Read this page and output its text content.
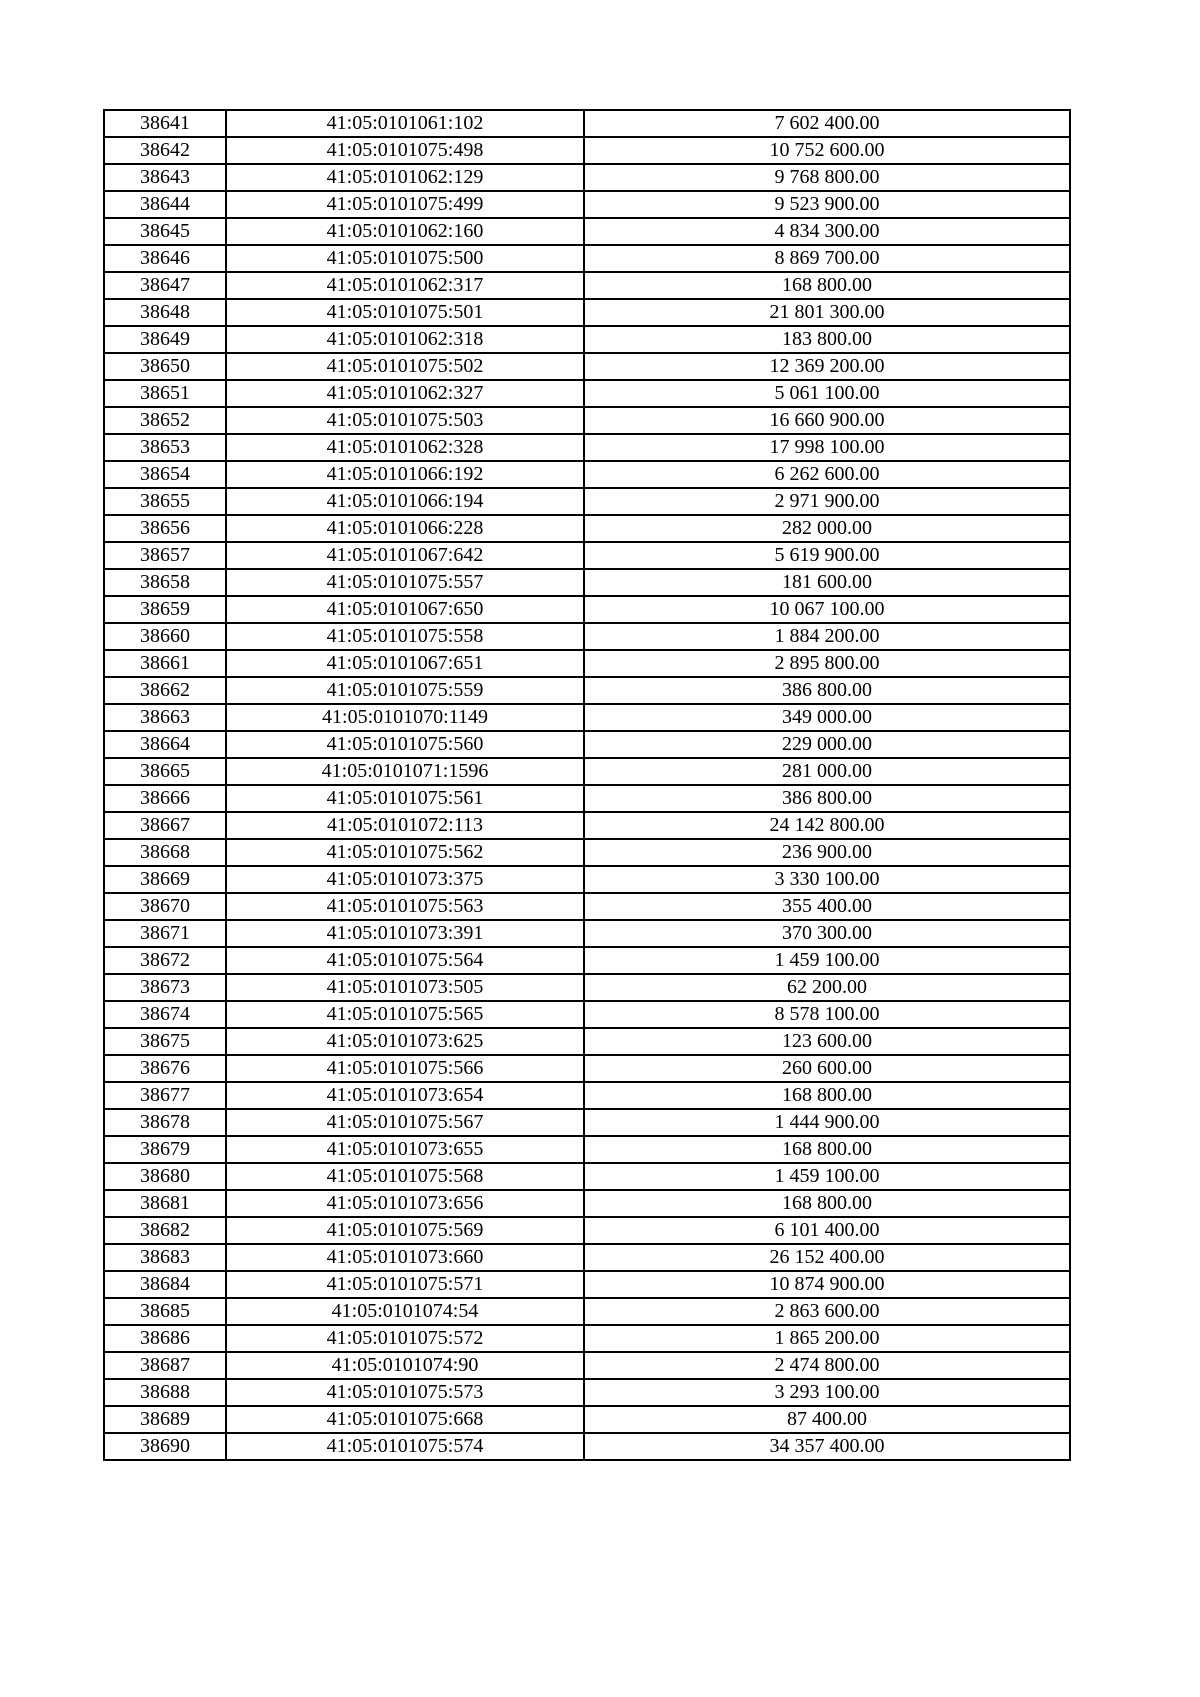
38641	41:05:0101061:102	7 602 400.00
38642	41:05:0101075:498	10 752 600.00
38643	41:05:0101062:129	9 768 800.00
38644	41:05:0101075:499	9 523 900.00
38645	41:05:0101062:160	4 834 300.00
38646	41:05:0101075:500	8 869 700.00
38647	41:05:0101062:317	168 800.00
38648	41:05:0101075:501	21 801 300.00
38649	41:05:0101062:318	183 800.00
38650	41:05:0101075:502	12 369 200.00
38651	41:05:0101062:327	5 061 100.00
38652	41:05:0101075:503	16 660 900.00
38653	41:05:0101062:328	17 998 100.00
38654	41:05:0101066:192	6 262 600.00
38655	41:05:0101066:194	2 971 900.00
38656	41:05:0101066:228	282 000.00
38657	41:05:0101067:642	5 619 900.00
38658	41:05:0101075:557	181 600.00
38659	41:05:0101067:650	10 067 100.00
38660	41:05:0101075:558	1 884 200.00
38661	41:05:0101067:651	2 895 800.00
38662	41:05:0101075:559	386 800.00
38663	41:05:0101070:1149	349 000.00
38664	41:05:0101075:560	229 000.00
38665	41:05:0101071:1596	281 000.00
38666	41:05:0101075:561	386 800.00
38667	41:05:0101072:113	24 142 800.00
38668	41:05:0101075:562	236 900.00
38669	41:05:0101073:375	3 330 100.00
38670	41:05:0101075:563	355 400.00
38671	41:05:0101073:391	370 300.00
38672	41:05:0101075:564	1 459 100.00
38673	41:05:0101073:505	62 200.00
38674	41:05:0101075:565	8 578 100.00
38675	41:05:0101073:625	123 600.00
38676	41:05:0101075:566	260 600.00
38677	41:05:0101073:654	168 800.00
38678	41:05:0101075:567	1 444 900.00
38679	41:05:0101073:655	168 800.00
38680	41:05:0101075:568	1 459 100.00
38681	41:05:0101073:656	168 800.00
38682	41:05:0101075:569	6 101 400.00
38683	41:05:0101073:660	26 152 400.00
38684	41:05:0101075:571	10 874 900.00
38685	41:05:0101074:54	2 863 600.00
38686	41:05:0101075:572	1 865 200.00
38687	41:05:0101074:90	2 474 800.00
38688	41:05:0101075:573	3 293 100.00
38689	41:05:0101075:668	87 400.00
38690	41:05:0101075:574	34 357 400.00
